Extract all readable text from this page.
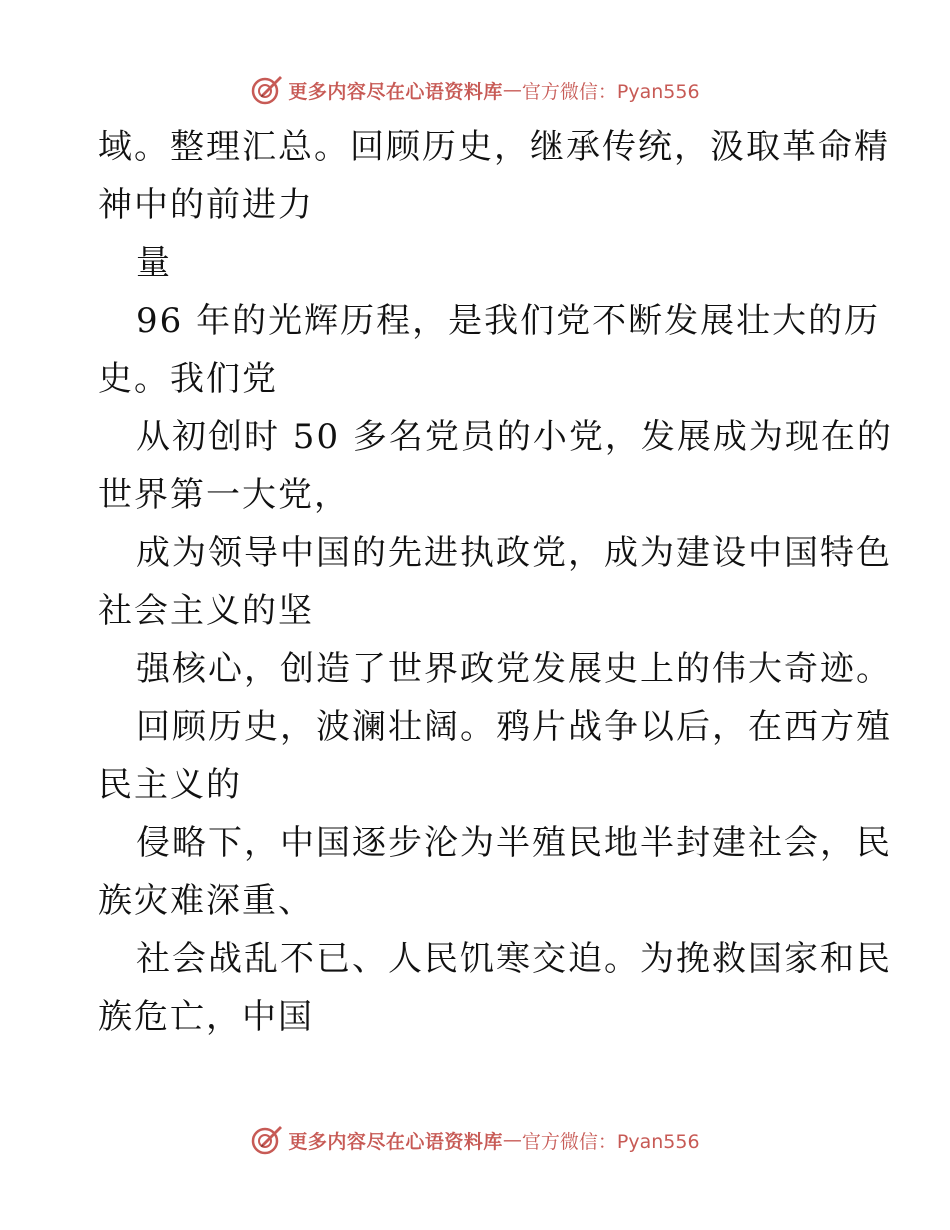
更多内容尽在心语资料库 — 官方微信：Pyan556
域。整理汇总。回顾历史，继承传统，汲取革命精
神中的前进力
量
96 年的光辉历程，是我们党不断发展壮大的历
史。我们党
从初创时 50 多名党员的小党，发展成为现在的
世界第一大党，
成为领导中国的先进执政党，成为建设中国特色
社会主义的坚
强核心，创造了世界政党发展史上的伟大奇迹。
回顾历史，波澜壮阔。鸦片战争以后，在西方殖
民主义的
侵略下，中国逐步沦为半殖民地半封建社会，民
族灾难深重、
社会战乱不已、人民饥寒交迫。为挽救国家和民
族危亡，中国
更多内容尽在心语资料库 — 官方微信：Pyan556
